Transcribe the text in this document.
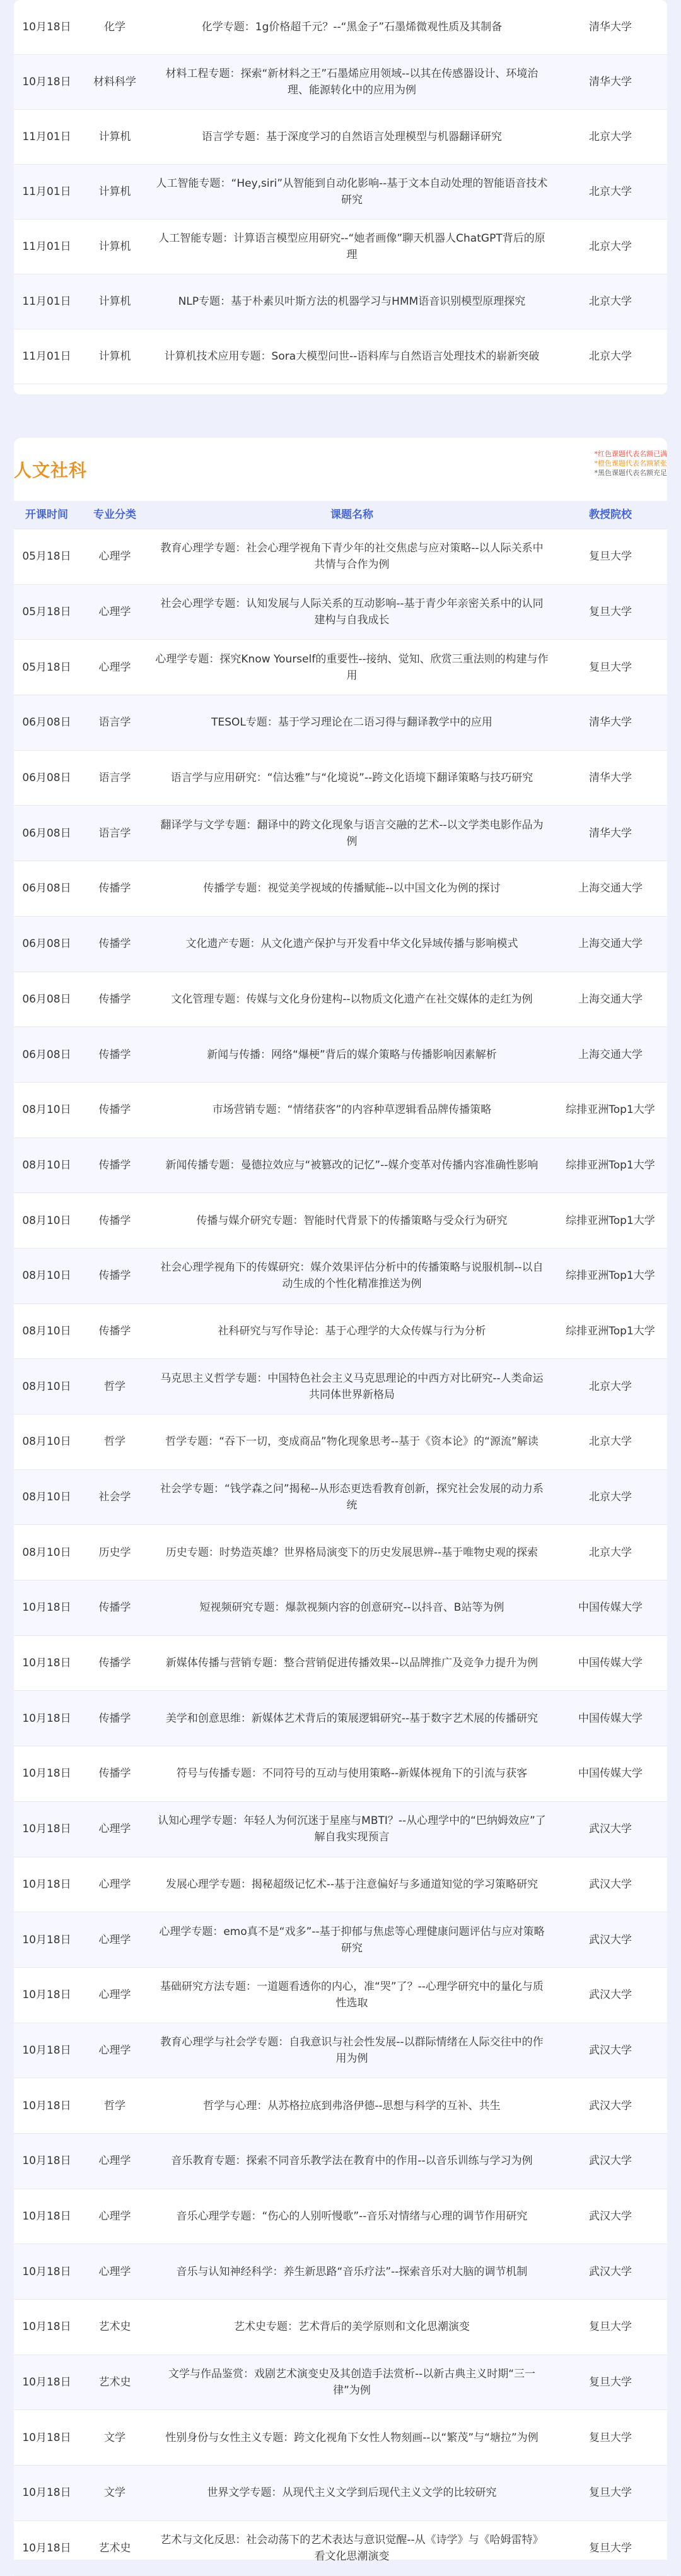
10月18日	化学	化学专题：1g价格超千元？--“黑金子”石墨烯微观性质及其制备	清华大学
10月18日	材料科学	材料工程专题：探索“新材料之王”石墨烯应用领域--以其在传感器设计、环境治理、能源转化中的应用为例	清华大学
11月01日	计算机	语言学专题：基于深度学习的自然语言处理模型与机器翻译研究	北京大学
11月01日	计算机	人工智能专题：“Hey,siri”从智能到自动化影响--基于文本自动处理的智能语音技术研究	北京大学
11月01日	计算机	人工智能专题：计算语言模型应用研究--“她者画像”聊天机器人ChatGPT背后的原理	北京大学
11月01日	计算机	NLP专题：基于朴素贝叶斯方法的机器学习与HMM语音识别模型原理探究	北京大学
11月01日	计算机	计算机技术应用专题：Sora大模型问世--语料库与自然语言处理技术的崭新突破	北京大学
人文社科
*红色课题代表名额已满
*橙色课题代表名额紧张
*黑色课题代表名额充足
开课时间	专业分类	课题名称	教授院校
05月18日	心理学	教育心理学专题：社会心理学视角下青少年的社交焦虑与应对策略--以人际关系中共情与合作为例	复旦大学
05月18日	心理学	社会心理学专题：认知发展与人际关系的互动影响--基于青少年亲密关系中的认同建构与自我成长	复旦大学
05月18日	心理学	心理学专题：探究Know Yourself的重要性--接纳、觉知、欣赏三重法则的构建与作用	复旦大学
06月08日	语言学	TESOL专题：基于学习理论在二语习得与翻译教学中的应用	清华大学
06月08日	语言学	语言学与应用研究：“信达雅”与“化境说”--跨文化语境下翻译策略与技巧研究	清华大学
06月08日	语言学	翻译学与文学专题：翻译中的跨文化现象与语言交融的艺术--以文学类电影作品为例	清华大学
06月08日	传播学	传播学专题：视觉美学视域的传播赋能--以中国文化为例的探讨	上海交通大学
06月08日	传播学	文化遗产专题：从文化遗产保护与开发看中华文化异域传播与影响模式	上海交通大学
06月08日	传播学	文化管理专题：传媒与文化身份建构--以物质文化遗产在社交媒体的走红为例	上海交通大学
06月08日	传播学	新闻与传播：网络“爆梗”背后的媒介策略与传播影响因素解析	上海交通大学
08月10日	传播学	市场营销专题：“情绪获客”的内容种草逻辑看品牌传播策略	综排亚洲Top1大学
08月10日	传播学	新闻传播专题：曼德拉效应与“被篡改的记忆”--媒介变革对传播内容准确性影响	综排亚洲Top1大学
08月10日	传播学	传播与媒介研究专题：智能时代背景下的传播策略与受众行为研究	综排亚洲Top1大学
08月10日	传播学	社会心理学视角下的传媒研究：媒介效果评估分析中的传播策略与说服机制--以自动生成的个性化精准推送为例	综排亚洲Top1大学
08月10日	传播学	社科研究与写作导论：基于心理学的大众传媒与行为分析	综排亚洲Top1大学
08月10日	哲学	马克思主义哲学专题：中国特色社会主义马克思理论的中西方对比研究--人类命运共同体世界新格局	北京大学
08月10日	哲学	哲学专题：“吞下一切，变成商品”物化现象思考--基于《资本论》的“源流”解读	北京大学
08月10日	社会学	社会学专题：“钱学森之问”揭秘--从形态更迭看教育创新，探究社会发展的动力系统	北京大学
08月10日	历史学	历史专题：时势造英雄？世界格局演变下的历史发展思辨--基于唯物史观的探索	北京大学
10月18日	传播学	短视频研究专题：爆款视频内容的创意研究--以抖音、B站等为例	中国传媒大学
10月18日	传播学	新媒体传播与营销专题：整合营销促进传播效果--以品牌推广及竞争力提升为例	中国传媒大学
10月18日	传播学	美学和创意思维：新媒体艺术背后的策展逻辑研究--基于数字艺术展的传播研究	中国传媒大学
10月18日	传播学	符号与传播专题：不同符号的互动与使用策略--新媒体视角下的引流与获客	中国传媒大学
10月18日	心理学	认知心理学专题：年轻人为何沉迷于星座与MBTI？--从心理学中的“巴纳姆效应”了解自我实现预言	武汉大学
10月18日	心理学	发展心理学专题：揭秘超级记忆术--基于注意偏好与多通道知觉的学习策略研究	武汉大学
10月18日	心理学	心理学专题：emo真不是“戏多”--基于抑郁与焦虑等心理健康问题评估与应对策略研究	武汉大学
10月18日	心理学	基础研究方法专题：一道题看透你的内心，准“哭”了？--心理学研究中的量化与质性选取	武汉大学
10月18日	心理学	教育心理学与社会学专题：自我意识与社会性发展--以群际情绪在人际交往中的作用为例	武汉大学
10月18日	哲学	哲学与心理：从苏格拉底到弗洛伊德--思想与科学的互补、共生	武汉大学
10月18日	心理学	音乐教育专题：探索不同音乐教学法在教育中的作用--以音乐训练与学习为例	武汉大学
10月18日	心理学	音乐心理学专题：“伤心的人别听慢歌”--音乐对情绪与心理的调节作用研究	武汉大学
10月18日	心理学	音乐与认知神经科学：养生新思路“音乐疗法”--探索音乐对大脑的调节机制	武汉大学
10月18日	艺术史	艺术史专题：艺术背后的美学原则和文化思潮演变	复旦大学
10月18日	艺术史	文学与作品鉴赏：戏剧艺术演变史及其创造手法赏析--以新古典主义时期“三一律”为例	复旦大学
10月18日	文学	性别身份与女性主义专题：跨文化视角下女性人物刻画--以“繁茂”与“塘拉”为例	复旦大学
10月18日	文学	世界文学专题：从现代主义文学到后现代主义文学的比较研究	复旦大学
10月18日	艺术史	艺术与文化反思：社会动荡下的艺术表达与意识觉醒--从《诗学》与《哈姆雷特》看文化思潮演变	复旦大学
